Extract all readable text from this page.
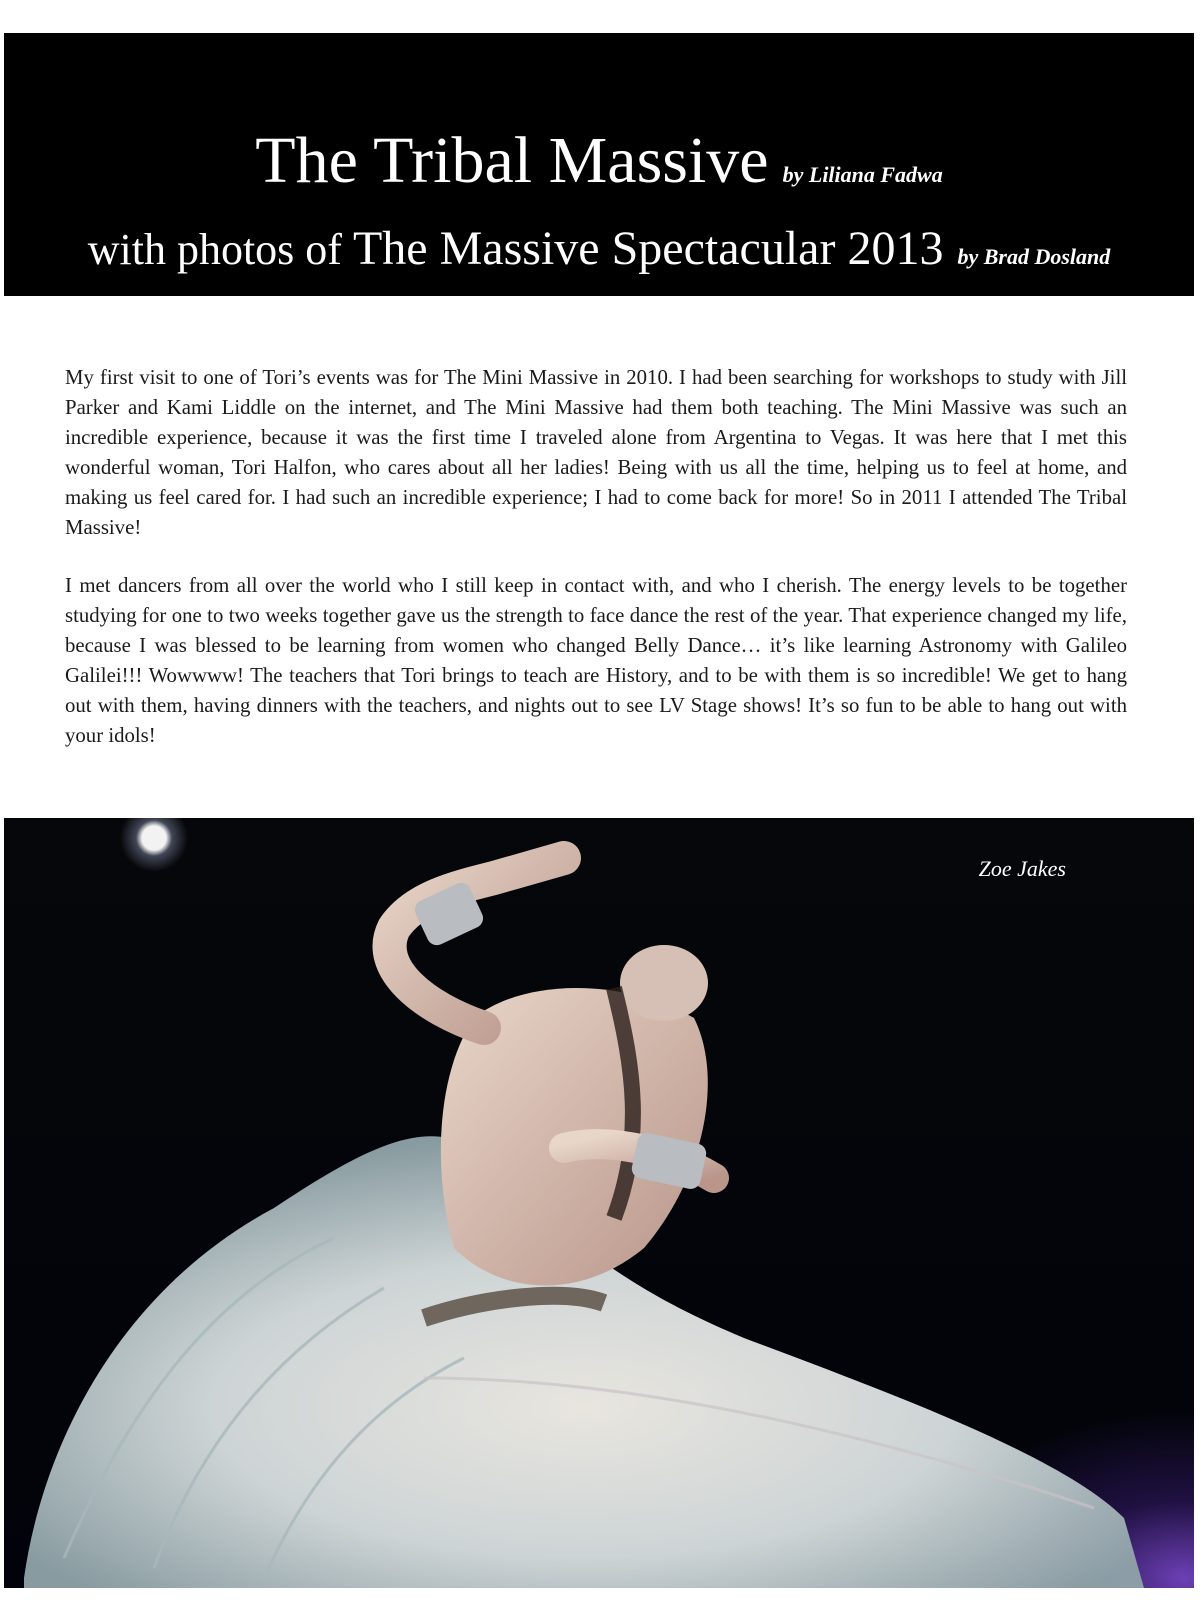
The Tribal Massive by Liliana Fadwa
with photos of The Massive Spectacular 2013 by Brad Dosland

My first visit to one of Tori’s events was for The Mini Massive in 2010. I had been searching for workshops to study with Jill Parker and Kami Liddle on the internet, and The Mini Massive had them both teaching. The Mini Massive was such an incredible experience, because it was the first time I traveled alone from Argentina to Vegas. It was here that I met this wonderful woman, Tori Halfon, who cares about all her ladies! Being with us all the time, helping us to feel at home, and making us feel cared for. I had such an incredible experience; I had to come back for more! So in 2011 I attended The Tribal Massive!

I met dancers from all over the world who I still keep in contact with, and who I cherish. The energy levels to be together studying for one to two weeks together gave us the strength to face dance the rest of the year. That experience changed my life, because I was blessed to be learning from women who changed Belly Dance… it’s like learning Astronomy with Galileo Galilei!!! Wowwww! The teachers that Tori brings to teach are History, and to be with them is so incredible! We get to hang out with them, having dinners with the teachers, and nights out to see LV Stage shows! It’s so fun to be able to hang out with your idols!

Zoe Jakes
